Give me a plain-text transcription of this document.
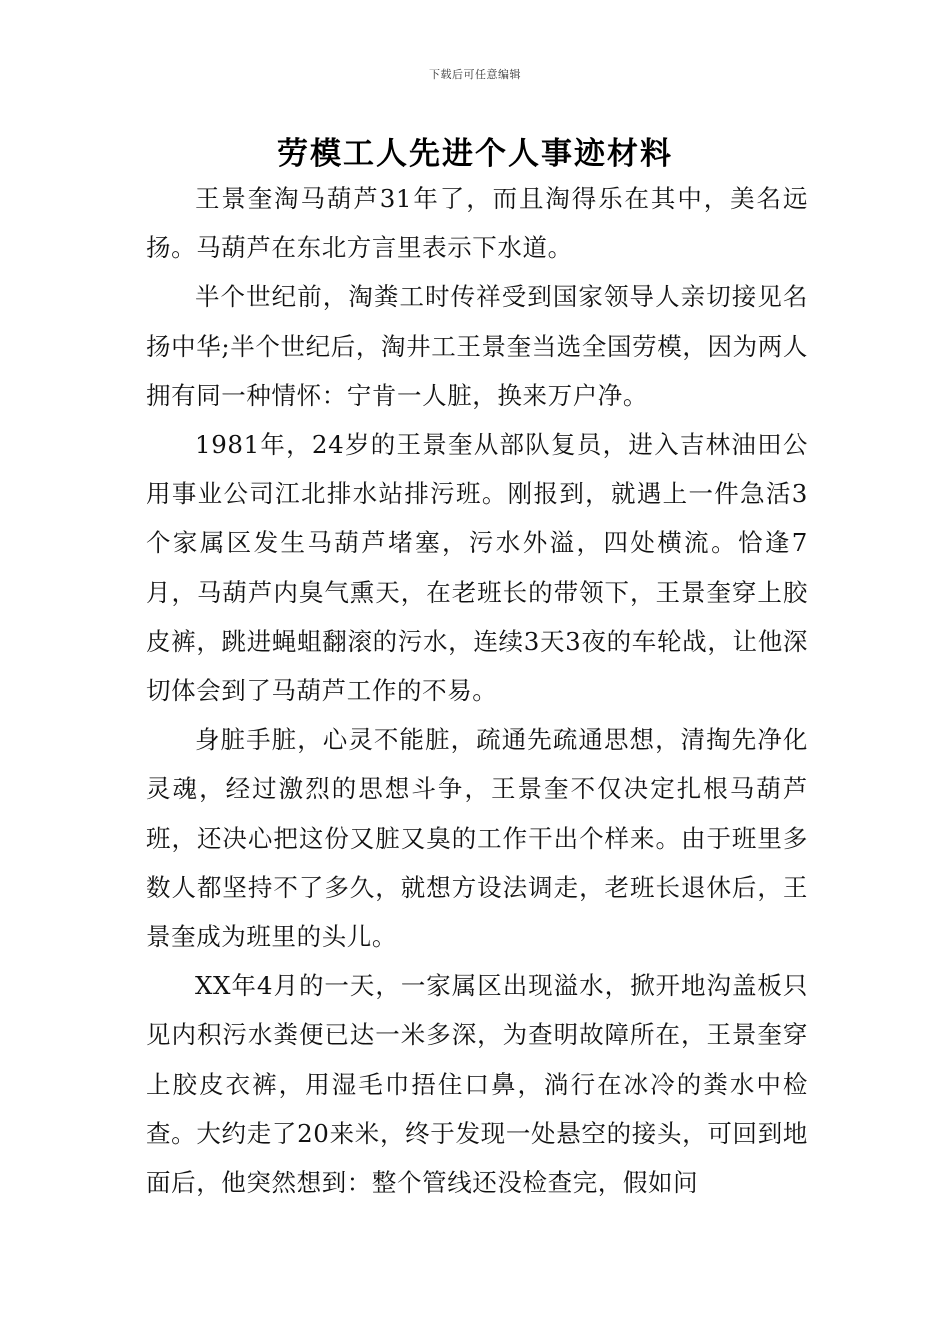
下载后可任意编辑
劳模工人先进个人事迹材料

王景奎淘马葫芦31年了，而且淘得乐在其中，美名远扬。马葫芦在东北方言里表示下水道。

半个世纪前，淘粪工时传祥受到国家领导人亲切接见名扬中华;半个世纪后，淘井工王景奎当选全国劳模，因为两人拥有同一种情怀：宁肯一人脏，换来万户净。

1981年，24岁的王景奎从部队复员，进入吉林油田公用事业公司江北排水站排污班。刚报到，就遇上一件急活3个家属区发生马葫芦堵塞，污水外溢，四处横流。恰逢7月，马葫芦内臭气熏天，在老班长的带领下，王景奎穿上胶皮裤，跳进蝇蛆翻滚的污水，连续3天3夜的车轮战，让他深切体会到了马葫芦工作的不易。

身脏手脏，心灵不能脏，疏通先疏通思想，清掏先净化灵魂，经过激烈的思想斗争，王景奎不仅决定扎根马葫芦班，还决心把这份又脏又臭的工作干出个样来。由于班里多数人都坚持不了多久，就想方设法调走，老班长退休后，王景奎成为班里的头儿。

XX年4月的一天，一家属区出现溢水，掀开地沟盖板只见内积污水粪便已达一米多深，为查明故障所在，王景奎穿上胶皮衣裤，用湿毛巾捂住口鼻，淌行在冰冷的粪水中检查。大约走了20来米，终于发现一处悬空的接头，可回到地面后，他突然想到：整个管线还没检查完，假如问
